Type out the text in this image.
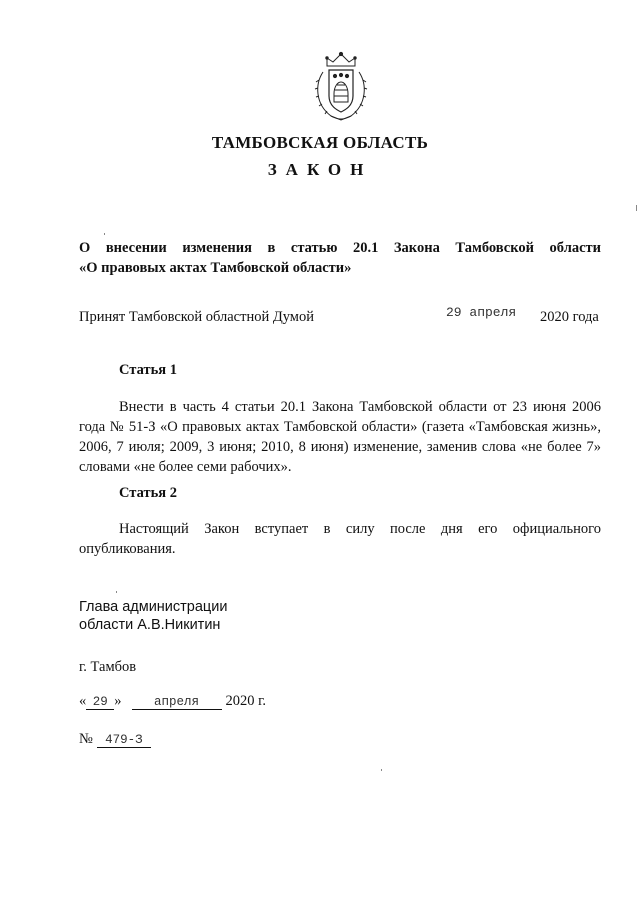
ТАМБОВСКАЯ ОБЛАСТЬ
ЗАКОН
О внесении изменения в статью 20.1 Закона Тамбовской области
«О правовых актах Тамбовской области»
Принят Тамбовской областной Думой	29 апреля 2020 года
Статья 1
Внести в часть 4 статьи 20.1 Закона Тамбовской области от 23 июня 2006 года № 51-З «О правовых актах Тамбовской области» (газета «Тамбовская жизнь», 2006, 7 июля; 2009, 3 июня; 2010, 8 июня) изменение, заменив слова «не более 7» словами «не более семи рабочих».
Статья 2
Настоящий Закон вступает в силу после дня его официального опубликования.
Глава администрации
области А.В.Никитин
г. Тамбов
« 29 »	апреля 2020 г.
№ 479-З
